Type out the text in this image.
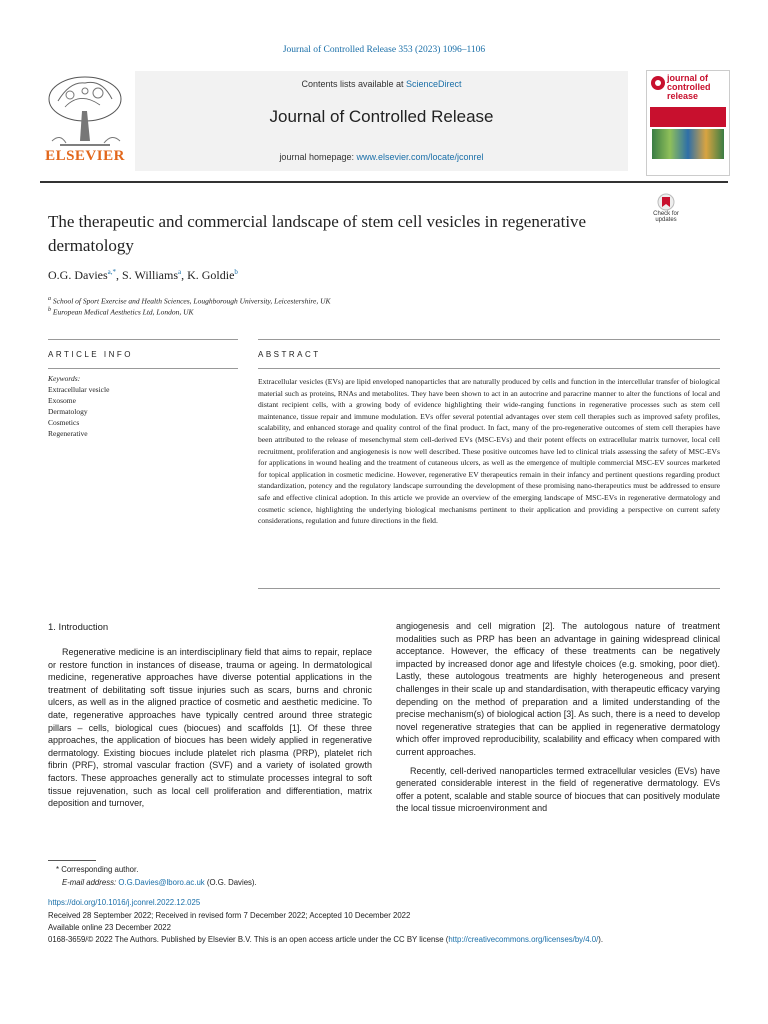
Journal of Controlled Release 353 (2023) 1096–1106
ELSEVIER
Contents lists available at ScienceDirect
Journal of Controlled Release
journal homepage: www.elsevier.com/locate/jconrel
journal of controlled release
The therapeutic and commercial landscape of stem cell vesicles in regenerative dermatology
Check for updates
O.G. Davies$^{a,*}$, S. Williams$^a$, K. Goldie$^b$
$^a$ School of Sport Exercise and Health Sciences, Loughborough University, Leicestershire, UK
$^b$ European Medical Aesthetics Ltd, London, UK
ARTICLE INFO	ABSTRACT
Keywords:
Extracellular vesicle
Exosome
Dermatology
Cosmetics
Regenerative
Extracellular vesicles (EVs) are lipid enveloped nanoparticles that are naturally produced by cells and function in the intercellular transfer of biological material such as proteins, RNAs and metabolites. They have been shown to act in an autocrine and paracrine manner to alter the functions of local and distant recipient cells, with a growing body of evidence highlighting their wide-ranging functions in regenerative processes such as stem cell maintenance, tissue repair and immune modulation. EVs offer several potential advantages over stem cell therapies such as improved safety profiles, scalability, and enhanced storage and quality control of the final product. In fact, many of the pro-regenerative outcomes of stem cell therapies have been attributed to the release of mesenchymal stem cell-derived EVs (MSC-EVs) and their potent effects on extracellular matrix turnover, local cell recruitment, proliferation and angiogenesis is now well described. These positive outcomes have led to clinical trials assessing the safety of MSC-EVs for applications in wound healing and the treatment of cutaneous ulcers, as well as the emergence of multiple commercial MSC-EV sources marketed for topical application in cosmetic medicine. However, regenerative EV therapeutics remain in their infancy and pertinent questions regarding product standardization, potency and the regulatory landscape surrounding the development of these promising nano-therapeutics must be addressed to ensure safe and effective clinical adoption. In this article we provide an overview of the emerging landscape of MSC-EVs in regenerative dermatology and cosmetic science, highlighting the underlying biological mechanisms pertinent to their application and providing a perspective on current safety considerations, regulation and future directions in the field.
1. Introduction
Regenerative medicine is an interdisciplinary field that aims to repair, replace or restore function in instances of disease, trauma or ageing. In dermatological medicine, regenerative approaches have diverse potential applications in the treatment of debilitating soft tissue injuries such as scars, burns and chronic ulcers, as well as in the aligned practice of cosmetic and aesthetic medicine. To date, regenerative approaches have typically centred around three strategic pillars – cells, biological cues (biocues) and scaffolds [1]. Of these three approaches, the application of biocues has been widely applied in regenerative dermatology. Existing biocues include platelet rich plasma (PRP), platelet rich fibrin (PRF), stromal vascular fraction (SVF) and a variety of isolated growth factors. These approaches generally act to stimulate processes integral to soft tissue rejuvenation, such as local cell proliferation and differentiation, matrix deposition and turnover,

angiogenesis and cell migration [2]. The autologous nature of treatment modalities such as PRP has been an advantage in gaining widespread clinical acceptance. However, the efficacy of these treatments can be negatively impacted by increased donor age and lifestyle choices (e.g. smoking, poor diet). Lastly, these autologous treatments are highly heterogeneous and present challenges in their scale up and standardisation, with therapeutic efficacy varying depending on the method of preparation and a limited understanding of the precise mechanism(s) of biological action [3]. As such, there is a need to develop novel regenerative strategies that can be applied in regenerative dermatology which offer improved reproducibility, scalability and efficacy when compared with current approaches.

Recently, cell-derived nanoparticles termed extracellular vesicles (EVs) have generated considerable interest in the field of regenerative dermatology. EVs offer a potent, scalable and stable source of biocues that can positively modulate the local tissue microenvironment and

* Corresponding author.
E-mail address: O.G.Davies@lboro.ac.uk (O.G. Davies).
https://doi.org/10.1016/j.jconrel.2022.12.025
Received 28 September 2022; Received in revised form 7 December 2022; Accepted 10 December 2022
Available online 23 December 2022
0168-3659/© 2022 The Authors. Published by Elsevier B.V. This is an open access article under the CC BY license (http://creativecommons.org/licenses/by/4.0/).
